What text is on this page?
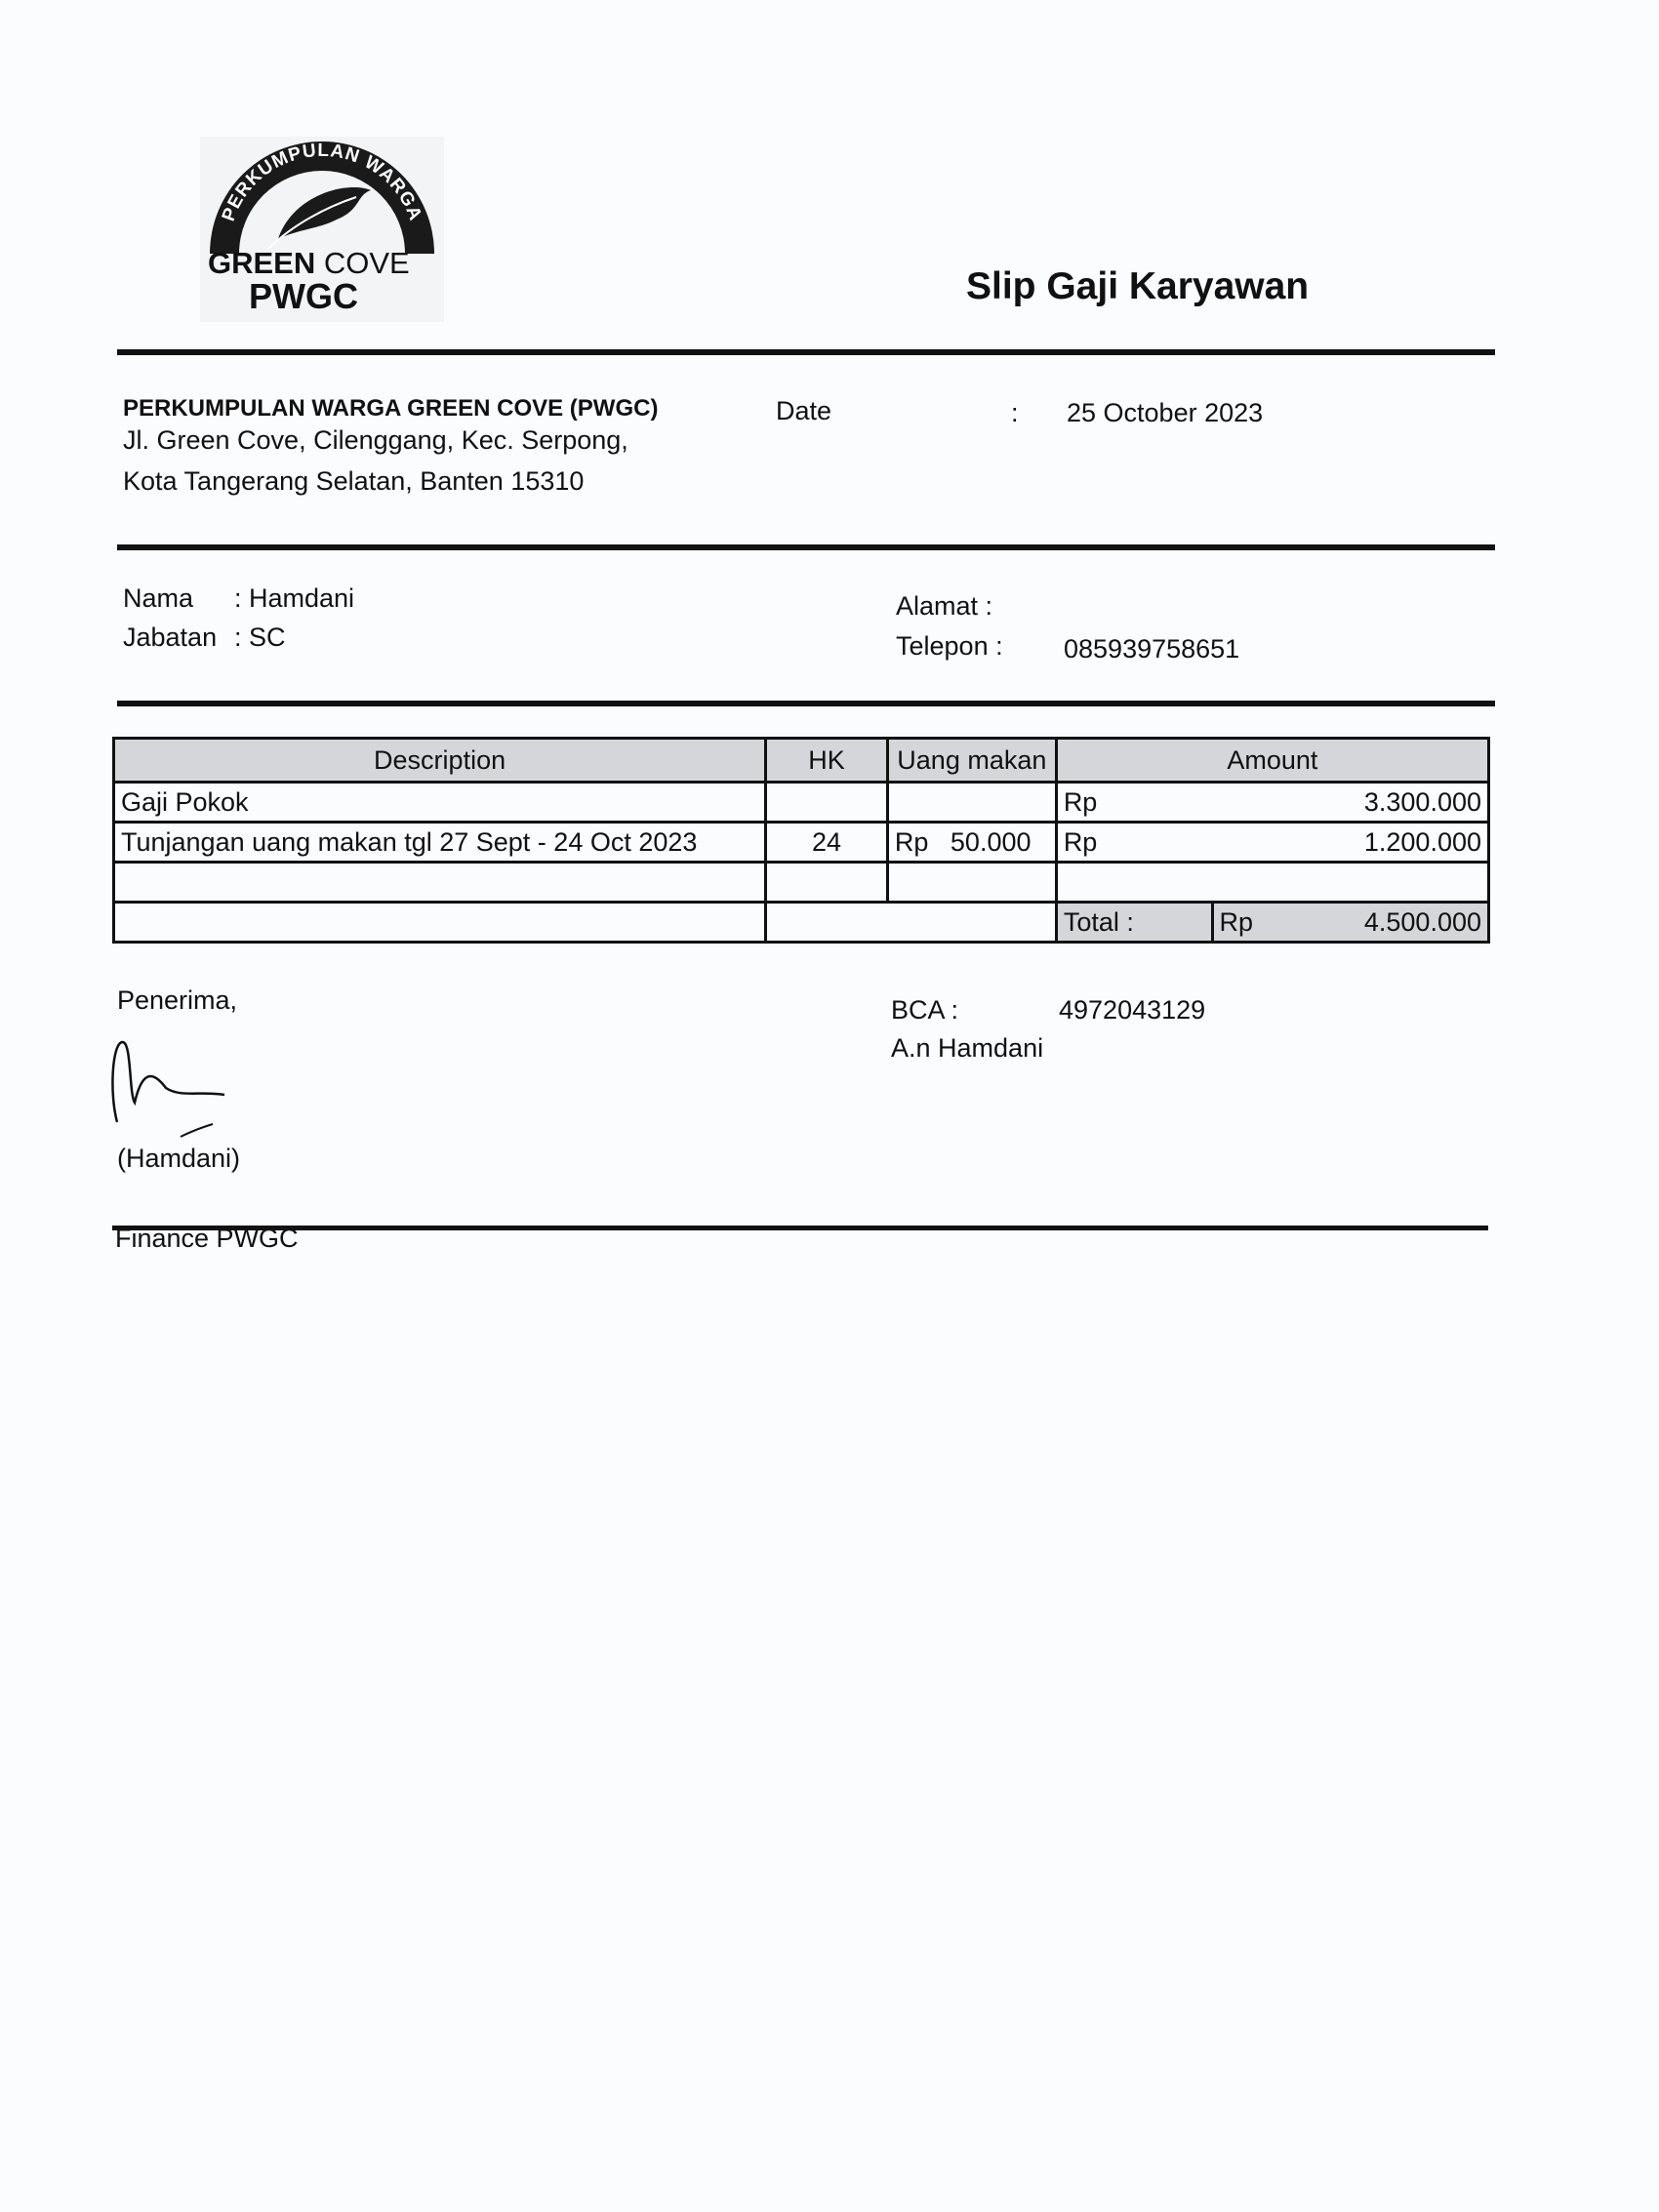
PERKUMPULAN WARGA
GREEN COVE
PWGC	Slip Gaji Karyawan
PERKUMPULAN WARGA GREEN COVE (PWGC)
Jl. Green Cove, Cilenggang, Kec. Serpong,
Kota Tangerang Selatan, Banten 15310
Date	: 25 October 2023
Nama : Hamdani
Jabatan : SC
Alamat :
Telepon : 085939758651
Description	HK	Uang makan	Amount	
Gaji Pokok			Rp	3.300.000
Tunjangan uang makan tgl 27 Sept - 24 Oct 2023	24	Rp   50.000	Rp	1.200.000

			Total :	Rp 4.500.000
Penerima,
(Hamdani)
BCA :	4972043129
A.n Hamdani
Finance PWGC
